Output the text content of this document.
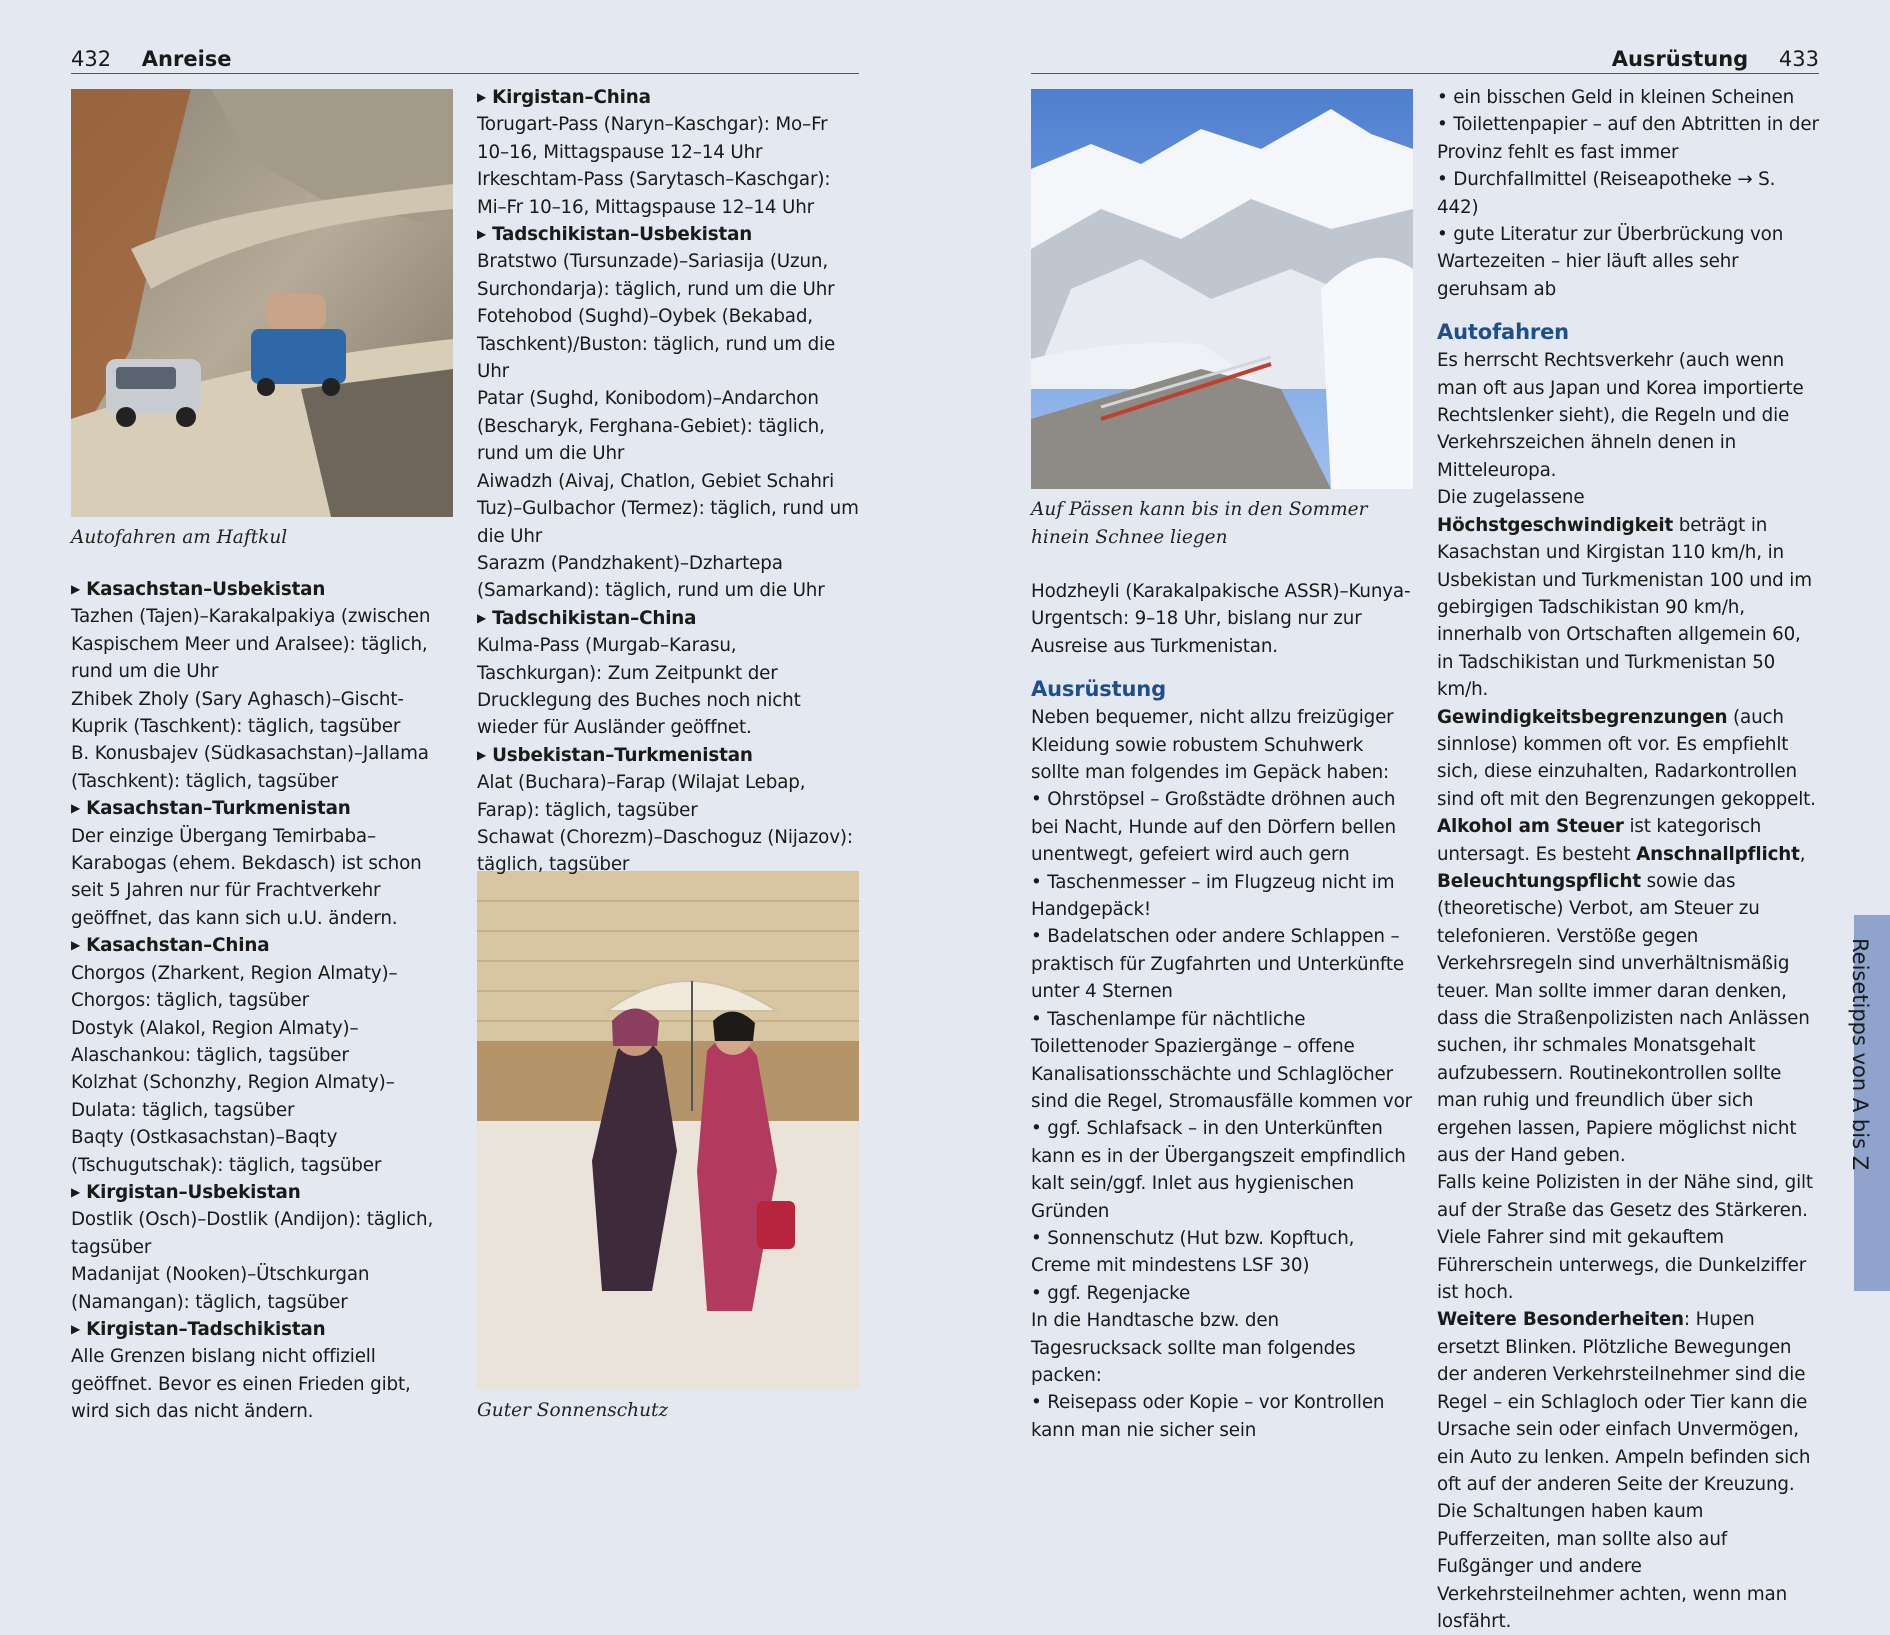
432 Anreise	Ausrüstung 433
Autofahren am Haftkul
Guter Sonnenschutz
Auf Pässen kann bis in den Sommer hinein Schnee liegen
▶ Kasachstan–Usbekistan

Tazhen (Tajen)–Karakalpakiya (zwischen Kaspischem Meer und Aralsee): täglich, rund um die Uhr

Zhibek Zholy (Sary Aghasch)–Gischt-Kuprik (Taschkent): täglich, tagsüber

B. Konusbajev (Südkasachstan)–Jallama (Taschkent): täglich, tagsüber

▶ Kasachstan–Turkmenistan

Der einzige Übergang Temirbaba–Karabogas (ehem. Bekdasch) ist schon seit 5 Jahren nur für Frachtverkehr geöffnet, das kann sich u.U. ändern.

▶ Kasachstan–China

Chorgos (Zharkent, Region Almaty)–Chorgos: täglich, tagsüber

Dostyk (Alakol, Region Almaty)–Alaschankou: täglich, tagsüber

Kolzhat (Schonzhy, Region Almaty)–Dulata: täglich, tagsüber

Baqty (Ostkasachstan)–Baqty (Tschugutschak): täglich, tagsüber

▶ Kirgistan–Usbekistan

Dostlik (Osch)–Dostlik (Andijon): täglich, tagsüber

Madanijat (Nooken)–Ütschkurgan (Namangan): täglich, tagsüber

▶ Kirgistan–Tadschikistan

Alle Grenzen bislang nicht offiziell geöffnet. Bevor es einen Frieden gibt, wird sich das nicht ändern.

▶ Kirgistan–China

Torugart-Pass (Naryn–Kaschgar): Mo–Fr 10–16, Mittagspause 12–14 Uhr

Irkeschtam-Pass (Sarytasch–Kaschgar): Mi–Fr 10–16, Mittagspause 12–14 Uhr

▶ Tadschikistan–Usbekistan

Bratstwo (Tursunzade)–Sariasija (Uzun, Surchondarja): täglich, rund um die Uhr

Fotehobod (Sughd)–Oybek (Bekabad, Taschkent)/Buston: täglich, rund um die Uhr

Patar (Sughd, Konibodom)–Andarchon (Bescharyk, Ferghana-Gebiet): täglich, rund um die Uhr

Aiwadzh (Aivaj, Chatlon, Gebiet Schahri Tuz)–Gulbachor (Termez): täglich, rund um die Uhr

Sarazm (Pandzhakent)–Dzhartepa (Samarkand): täglich, rund um die Uhr

▶ Tadschikistan–China

Kulma-Pass (Murgab–Karasu, Taschkurgan): Zum Zeitpunkt der Drucklegung des Buches noch nicht wieder für Ausländer geöffnet.

▶ Usbekistan–Turkmenistan

Alat (Buchara)–Farap (Wilajat Lebap, Farap): täglich, tagsüber

Schawat (Chorezm)–Daschoguz (Nijazov): täglich, tagsüber

Hodzheyli (Karakalpakische ASSR)–Kunya-Urgentsch: 9–18 Uhr, bislang nur zur Ausreise aus Turkmenistan.

Ausrüstung

Neben bequemer, nicht allzu freizügiger Kleidung sowie robustem Schuhwerk sollte man folgendes im Gepäck haben:

• Ohrstöpsel – Großstädte dröhnen auch bei Nacht, Hunde auf den Dörfern bellen unentwegt, gefeiert wird auch gern

• Taschenmesser – im Flugzeug nicht im Handgepäck!

• Badelatschen oder andere Schlappen – praktisch für Zugfahrten und Unterkünfte unter 4 Sternen

• Taschenlampe für nächtliche Toilettenoder Spaziergänge – offene Kanalisationsschächte und Schlaglöcher sind die Regel, Stromausfälle kommen vor

• ggf. Schlafsack – in den Unterkünften kann es in der Übergangszeit empfindlich kalt sein/ggf. Inlet aus hygienischen Gründen

• Sonnenschutz (Hut bzw. Kopftuch, Creme mit mindestens LSF 30)

• ggf. Regenjacke

In die Handtasche bzw. den Tagesrucksack sollte man folgendes packen:

• Reisepass oder Kopie – vor Kontrollen kann man nie sicher sein

• ein bisschen Geld in kleinen Scheinen

• Toilettenpapier – auf den Abtritten in der Provinz fehlt es fast immer

• Durchfallmittel (Reiseapotheke → S. 442)

• gute Literatur zur Überbrückung von Wartezeiten – hier läuft alles sehr geruhsam ab

Autofahren

Es herrscht Rechtsverkehr (auch wenn man oft aus Japan und Korea importierte Rechtslenker sieht), die Regeln und die Verkehrszeichen ähneln denen in Mitteleuropa.

Die zugelassene Höchstgeschwindigkeit beträgt in Kasachstan und Kirgistan 110 km/h, in Usbekistan und Turkmenistan 100 und im gebirgigen Tadschikistan 90 km/h, innerhalb von Ortschaften allgemein 60, in Tadschikistan und Turkmenistan 50 km/h.

Gewindigkeitsbegrenzungen (auch sinnlose) kommen oft vor. Es empfiehlt sich, diese einzuhalten, Radarkontrollen sind oft mit den Begrenzungen gekoppelt.

Alkohol am Steuer ist kategorisch untersagt. Es besteht Anschnallpflicht, Beleuchtungspflicht sowie das (theoretische) Verbot, am Steuer zu telefonieren. Verstöße gegen Verkehrsregeln sind unverhältnismäßig teuer. Man sollte immer daran denken, dass die Straßenpolizisten nach Anlässen suchen, ihr schmales Monatsgehalt aufzubessern. Routinekontrollen sollte man ruhig und freundlich über sich ergehen lassen, Papiere möglichst nicht aus der Hand geben.

Falls keine Polizisten in der Nähe sind, gilt auf der Straße das Gesetz des Stärkeren. Viele Fahrer sind mit gekauftem Führerschein unterwegs, die Dunkelziffer ist hoch.

Weitere Besonderheiten: Hupen ersetzt Blinken. Plötzliche Bewegungen der anderen Verkehrsteilnehmer sind die Regel – ein Schlagloch oder Tier kann die Ursache sein oder einfach Unvermögen, ein Auto zu lenken. Ampeln befinden sich oft auf der anderen Seite der Kreuzung. Die Schaltungen haben kaum Pufferzeiten, man sollte also auf Fußgänger und andere Verkehrsteilnehmer achten, wenn man losfährt.

Reisetipps von A bis Z
